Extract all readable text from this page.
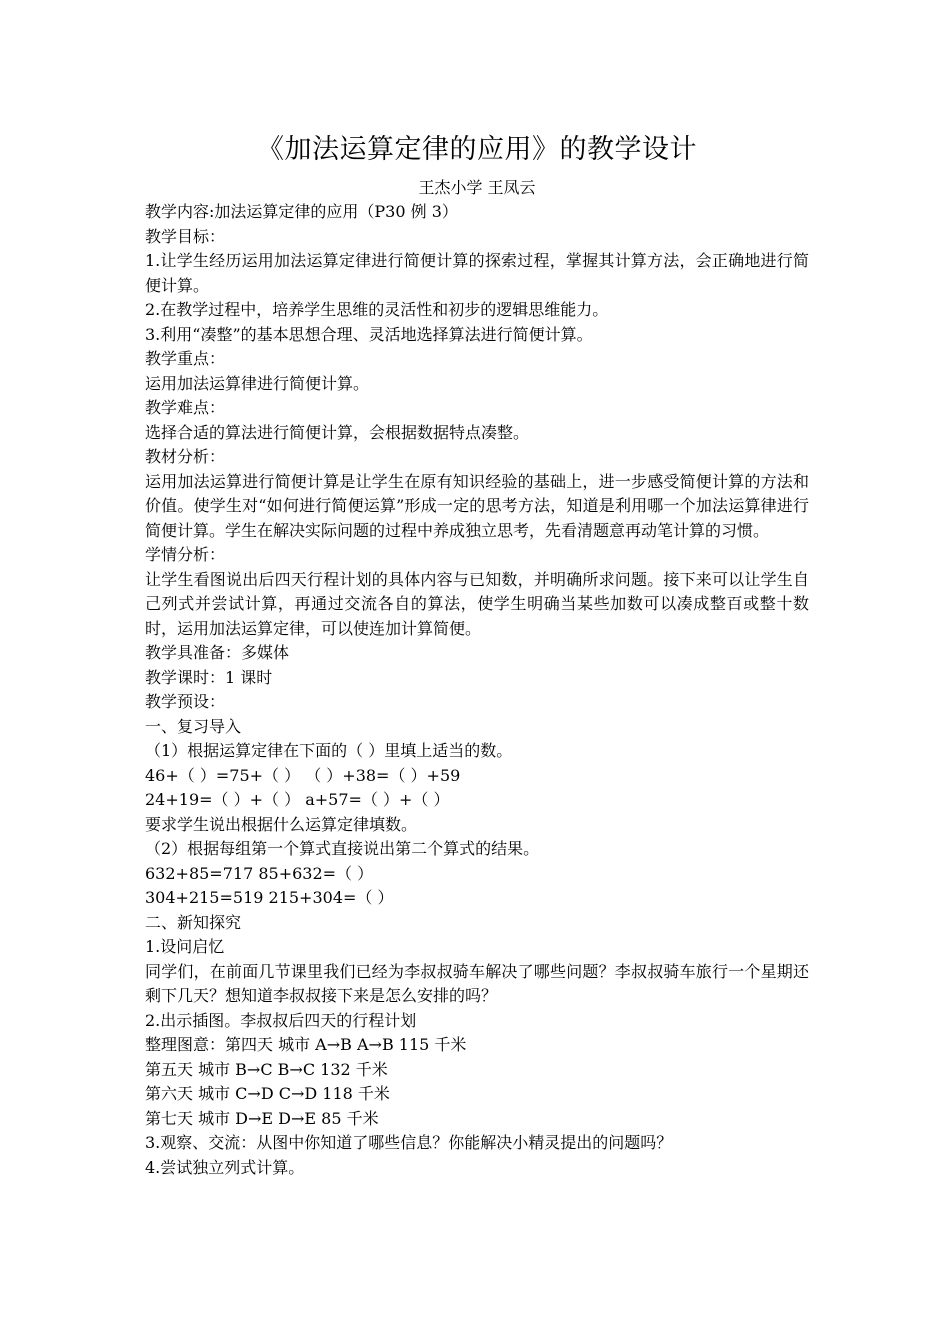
《加法运算定律的应用》的教学设计

王杰小学 王凤云

教学内容:加法运算定律的应用（P30 例 3）

教学目标：

1.让学生经历运用加法运算定律进行简便计算的探索过程，掌握其计算方法，会正确地进行简便计算。

2.在教学过程中，培养学生思维的灵活性和初步的逻辑思维能力。

3.利用“凑整”的基本思想合理、灵活地选择算法进行简便计算。

教学重点：

运用加法运算律进行简便计算。

教学难点：

选择合适的算法进行简便计算，会根据数据特点凑整。

教材分析：

运用加法运算进行简便计算是让学生在原有知识经验的基础上，进一步感受简便计算的方法和价值。使学生对“如何进行简便运算”形成一定的思考方法，知道是利用哪一个加法运算律进行简便计算。学生在解决实际问题的过程中养成独立思考，先看清题意再动笔计算的习惯。

学情分析：

让学生看图说出后四天行程计划的具体内容与已知数，并明确所求问题。接下来可以让学生自己列式并尝试计算，再通过交流各自的算法，使学生明确当某些加数可以凑成整百或整十数时，运用加法运算定律，可以使连加计算简便。

教学具准备：多媒体

教学课时：1 课时

教学预设：

一、复习导入

（1）根据运算定律在下面的（ ）里填上适当的数。

46+（ ）=75+（ ） （ ）+38=（ ）+59

24+19=（ ）+（ ） a+57=（ ）+（ ）

要求学生说出根据什么运算定律填数。

（2）根据每组第一个算式直接说出第二个算式的结果。

632+85=717 85+632=（ ）

304+215=519 215+304=（ ）

二、新知探究

1.设问启忆

同学们，在前面几节课里我们已经为李叔叔骑车解决了哪些问题？李叔叔骑车旅行一个星期还剩下几天？想知道李叔叔接下来是怎么安排的吗？

2.出示插图。李叔叔后四天的行程计划

整理图意：第四天 城市 A→B A→B 115 千米

第五天 城市 B→C B→C 132 千米

第六天 城市 C→D C→D 118 千米

第七天 城市 D→E D→E 85 千米

3.观察、交流：从图中你知道了哪些信息？你能解决小精灵提出的问题吗？

4.尝试独立列式计算。
